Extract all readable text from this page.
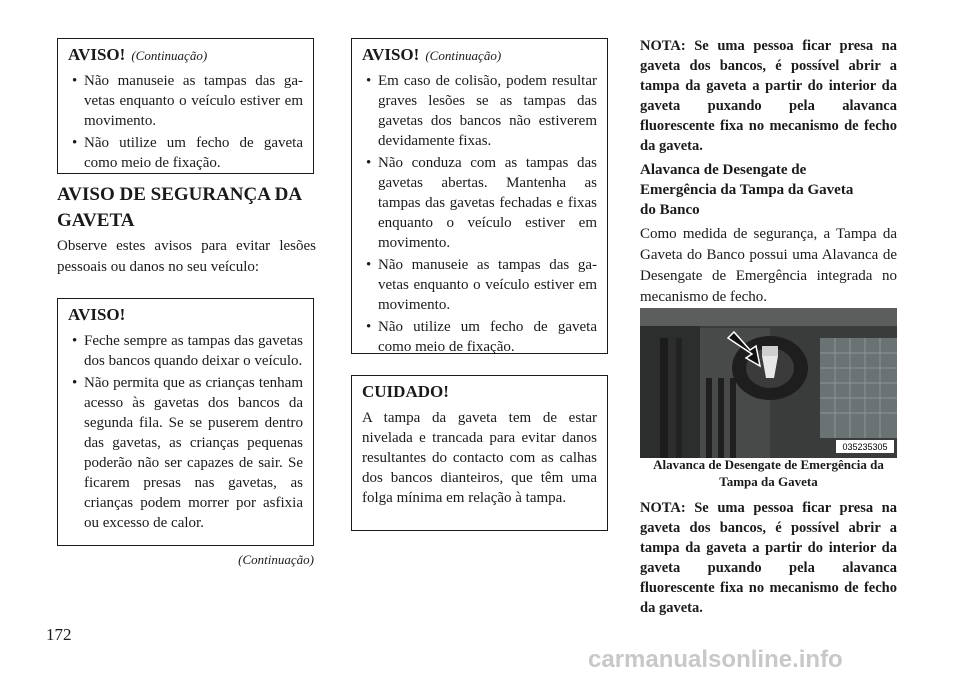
AVISO! (Continuação)
• Não manuseie as tampas das gavetas enquanto o veículo estiver em movimento.
• Não utilize um fecho de gaveta como meio de fixação.
AVISO DE SEGURANÇA DA GAVETA
Observe estes avisos para evitar lesões pessoais ou danos no seu veículo:
AVISO!
• Feche sempre as tampas das gavetas dos bancos quando deixar o veículo.
• Não permita que as crianças tenham acesso às gavetas dos bancos da segunda fila. Se se puserem dentro das gavetas, as crianças pequenas poderão não ser capazes de sair. Se ficarem presas nas gavetas, as crianças podem morrer por asfixia ou excesso de calor.
(Continuação)
AVISO! (Continuação)
• Em caso de colisão, podem resultar graves lesões se as tampas das gavetas dos bancos não estiverem devidamente fixas.
• Não conduza com as tampas das gavetas abertas. Mantenha as tampas das gavetas fechadas e fixas enquanto o veículo estiver em movimento.
• Não manuseie as tampas das gavetas enquanto o veículo estiver em movimento.
• Não utilize um fecho de gaveta como meio de fixação.
CUIDADO!
A tampa da gaveta tem de estar nivelada e trancada para evitar danos resultantes do contacto com as calhas dos bancos dianteiros, que têm uma folga mínima em relação à tampa.
NOTA: Se uma pessoa ficar presa na gaveta dos bancos, é possível abrir a tampa da gaveta a partir do interior da gaveta puxando pela alavanca fluorescente fixa no mecanismo de fecho da gaveta.
Alavanca de Desengate de Emergência da Tampa da Gaveta do Banco
Como medida de segurança, a Tampa da Gaveta do Banco possui uma Alavanca de Desengate de Emergência integrada no mecanismo de fecho.
035235305
Alavanca de Desengate de Emergência da Tampa da Gaveta
NOTA: Se uma pessoa ficar presa na gaveta dos bancos, é possível abrir a tampa da gaveta a partir do interior da gaveta puxando pela alavanca fluorescente fixa no mecanismo de fecho da gaveta.
172
carmanualsonline.info
